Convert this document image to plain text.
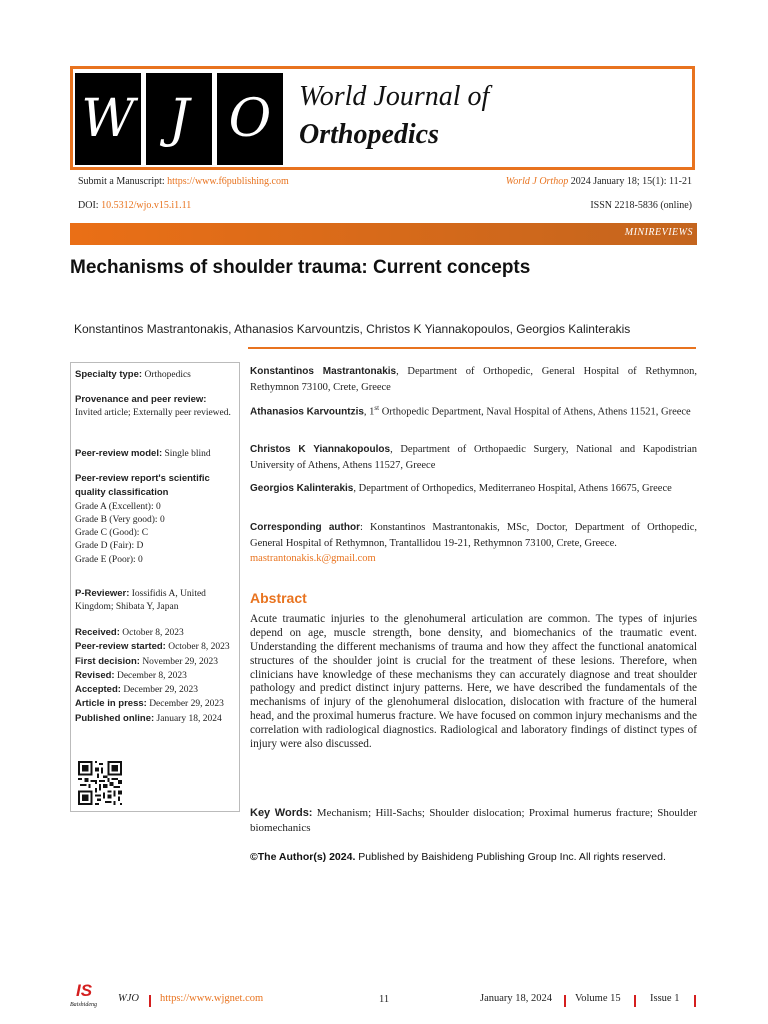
W J O World Journal of
Orthopedics
Submit a Manuscript: https://www.f6publishing.com	World J Orthop 2024 January 18; 15(1): 11-21
DOI: 10.5312/wjo.v15.i1.11	ISSN 2218-5836 (online)
MINIREVIEWS
Mechanisms of shoulder trauma: Current concepts
Konstantinos Mastrantonakis, Athanasios Karvountzis, Christos K Yiannakopoulos, Georgios Kalinterakis
Specialty type: Orthopedics
Provenance and peer review:
Invited article; Externally peer reviewed.
Peer-review model: Single blind
Peer-review report's scientific quality classification
Grade A (Excellent): 0
Grade B (Very good): 0
Grade C (Good): C
Grade D (Fair): D
Grade E (Poor): 0
P-Reviewer: Iossifidis A, United Kingdom; Shibata Y, Japan
Received: October 8, 2023
Peer-review started: October 8, 2023
First decision: November 29, 2023
Revised: December 8, 2023
Accepted: December 29, 2023
Article in press: December 29, 2023
Published online: January 18, 2024
Konstantinos Mastrantonakis, Department of Orthopedic, General Hospital of Rethymnon, Rethymnon 73100, Crete, Greece
Athanasios Karvountzis, 1st Orthopedic Department, Naval Hospital of Athens, Athens 11521, Greece
Christos K Yiannakopoulos, Department of Orthopaedic Surgery, National and Kapodistrian University of Athens, Athens 11527, Greece
Georgios Kalinterakis, Department of Orthopedics, Mediterraneo Hospital, Athens 16675, Greece
Corresponding author: Konstantinos Mastrantonakis, MSc, Doctor, Department of Orthopedic, General Hospital of Rethymnon, Trantallidou 19-21, Rethymnon 73100, Crete, Greece.
mastrantonakis.k@gmail.com
Abstract
Acute traumatic injuries to the glenohumeral articulation are common. The types of injuries depend on age, muscle strength, bone density, and biomechanics of the traumatic event. Understanding the different mechanisms of trauma and how they affect the functional anatomical structures of the shoulder joint is crucial for the treatment of these lesions. Therefore, when clinicians have knowledge of these mechanisms they can accurately diagnose and treat shoulder pathology and predict distinct injury patterns. Here, we have described the fundamentals of the mechanisms of injury of the glenohumeral dislocation, dislocation with fracture of the humeral head, and the proximal humerus fracture. We have focused on common injury mechanisms and the correlation with radiological diagnostics. Radiological and laboratory findings of distinct types of injury were also discussed.
Key Words: Mechanism; Hill-Sachs; Shoulder dislocation; Proximal humerus fracture; Shoulder biomechanics
©The Author(s) 2024. Published by Baishideng Publishing Group Inc. All rights reserved.
IS
Baishideng
WJO https://www.wjgnet.com	11	January 18, 2024 Volume 15	Issue 1
